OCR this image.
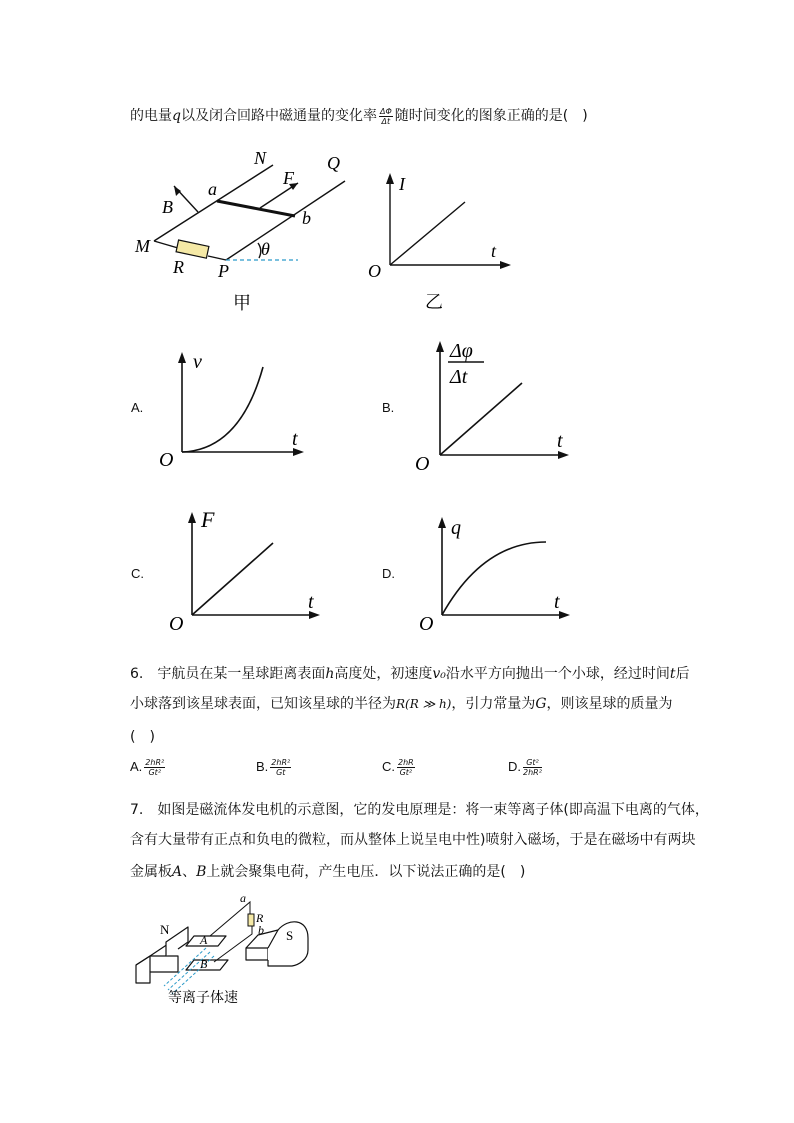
的电量q以及闭合回路中磁通量的变化率 $\frac{\Delta\Phi}{\Delta t}$ 随时间变化的图象正确的是(　)
N	Q
a
F
B
b
M
R P
θ
甲
I
t
O
乙
A.
v
t
O
B.
Δφ
Δt
t
O
C.
F
t
O
D.
q
t
O
6.　宇航员在某一星球距离表面h高度处，初速度v₀沿水平方向抛出一个小球，经过时间t后
小球落到该星球表面，已知该星球的半径为R(R ≫ h)，引力常量为G，则该星球的质量为
(　)
A. $\frac{\text{2hR²}}{\text{Gt²}}$	B. $\frac{\text{2hR²}}{Gt}$	C. $\frac{2hR}{\text{Gt²}}$	D. $\frac{\text{Gt²}}{\text{2hR²}}$
7.　如图是磁流体发电机的示意图，它的发电原理是：将一束等离子体(即高温下电离的气体，
含有大量带有正点和负电的微粒，而从整体上说呈电中性)喷射入磁场，于是在磁场中有两块
金属板A、B上就会聚集电荷，产生电压．以下说法正确的是(　)
N	S
A
B
a
R
b
等离子体速
